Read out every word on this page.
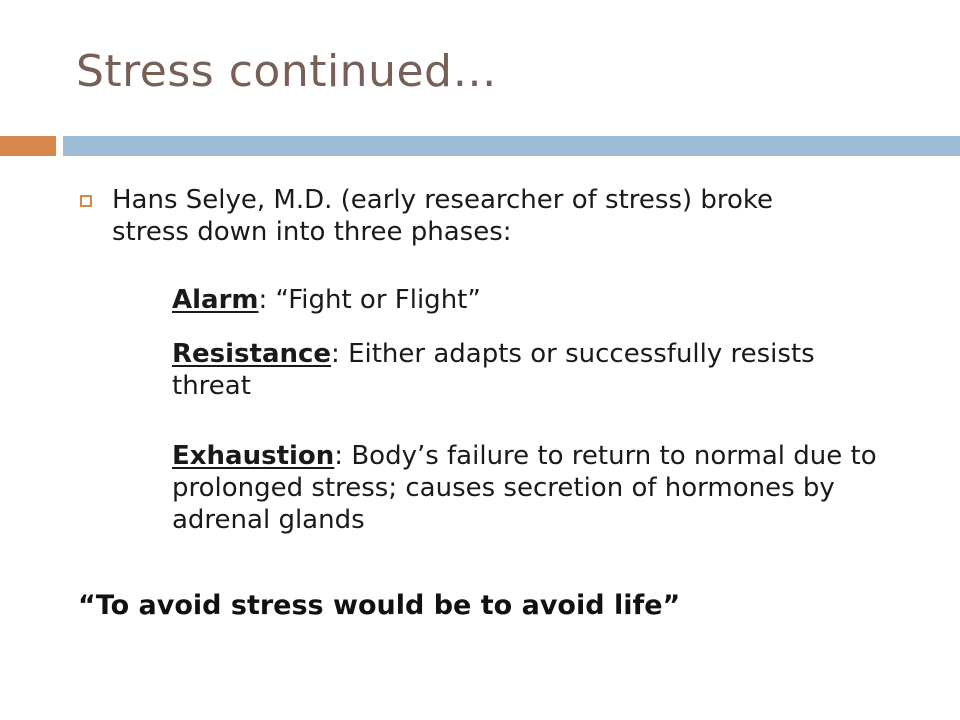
Stress continued…
Hans Selye, M.D. (early researcher of stress) broke
stress down into three phases:
Alarm: “Fight or Flight”
Resistance: Either adapts or successfully resists threat
Exhaustion: Body’s failure to return to normal due to prolonged stress; causes secretion of hormones by adrenal glands
“To avoid stress would be to avoid life”
